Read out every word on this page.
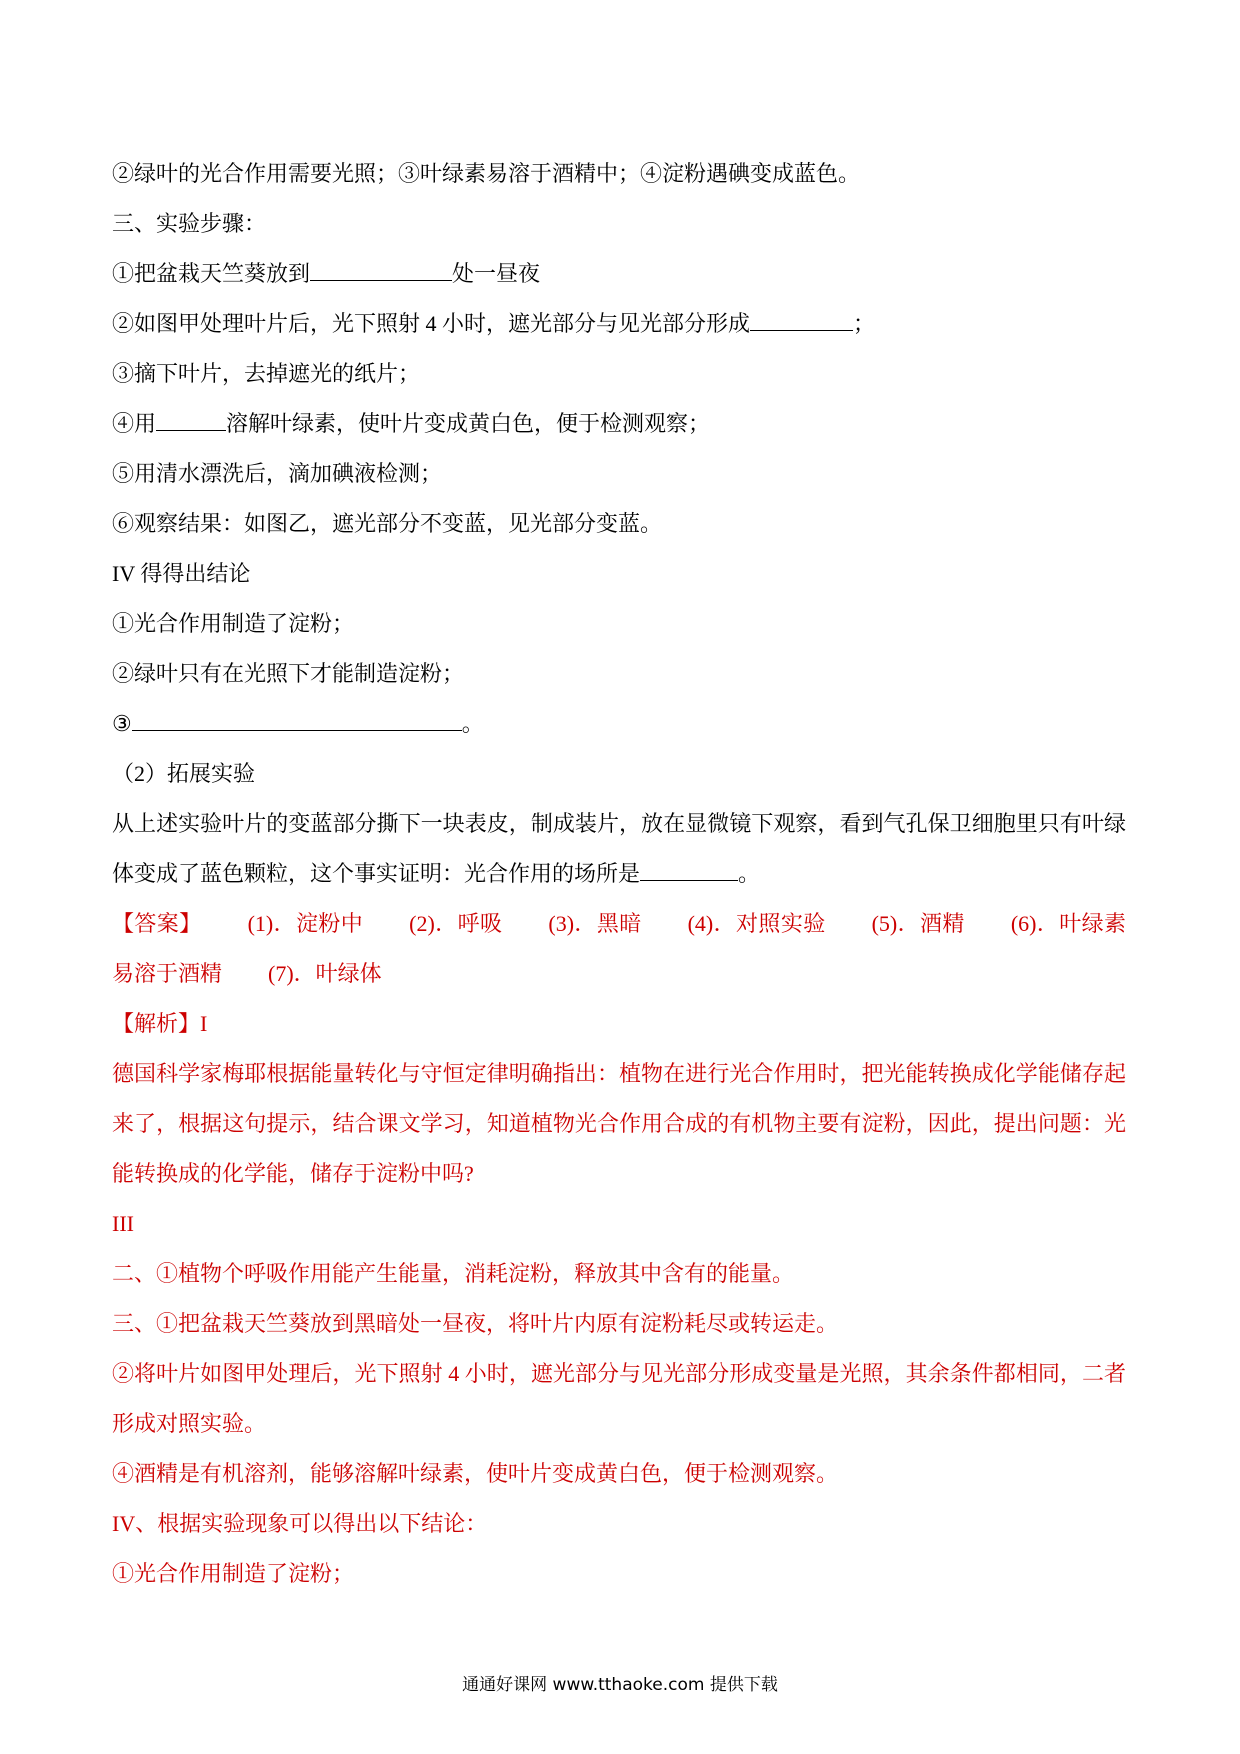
②绿叶的光合作用需要光照；③叶绿素易溶于酒精中；④淀粉遇碘变成蓝色。
三、实验步骤：
①把盆栽天竺葵放到	处一昼夜
②如图甲处理叶片后，光下照射 4 小时，遮光部分与见光部分形成	；
③摘下叶片，去掉遮光的纸片；
④用	溶解叶绿素，使叶片变成黄白色，便于检测观察；
⑤用清水漂洗后，滴加碘液检测；
⑥观察结果：如图乙，遮光部分不变蓝，见光部分变蓝。
IV 得得出结论
①光合作用制造了淀粉；
②绿叶只有在光照下才能制造淀粉；
③	。
（2）拓展实验
从上述实验叶片的变蓝部分撕下一块表皮，制成装片，放在显微镜下观察，看到气孔保卫细胞里只有叶绿体变成了蓝色颗粒，这个事实证明：光合作用的场所是	。
【答案】 (1)．淀粉中 (2)．呼吸 (3)．黑暗 (4)．对照实验 (5)．酒精 (6)．叶绿素易溶于酒精 (7)．叶绿体
【解析】I
德国科学家梅耶根据能量转化与守恒定律明确指出：植物在进行光合作用时，把光能转换成化学能储存起来了，根据这句提示，结合课文学习，知道植物光合作用合成的有机物主要有淀粉，因此，提出问题：光能转换成的化学能，储存于淀粉中吗?
III
二、①植物个呼吸作用能产生能量，消耗淀粉，释放其中含有的能量。
三、①把盆栽天竺葵放到黑暗处一昼夜，将叶片内原有淀粉耗尽或转运走。
②将叶片如图甲处理后，光下照射 4 小时，遮光部分与见光部分形成变量是光照，其余条件都相同，二者形成对照实验。
④酒精是有机溶剂，能够溶解叶绿素，使叶片变成黄白色，便于检测观察。
IV、根据实验现象可以得出以下结论：
①光合作用制造了淀粉；
通通好课网 www.tthaoke.com 提供下载
